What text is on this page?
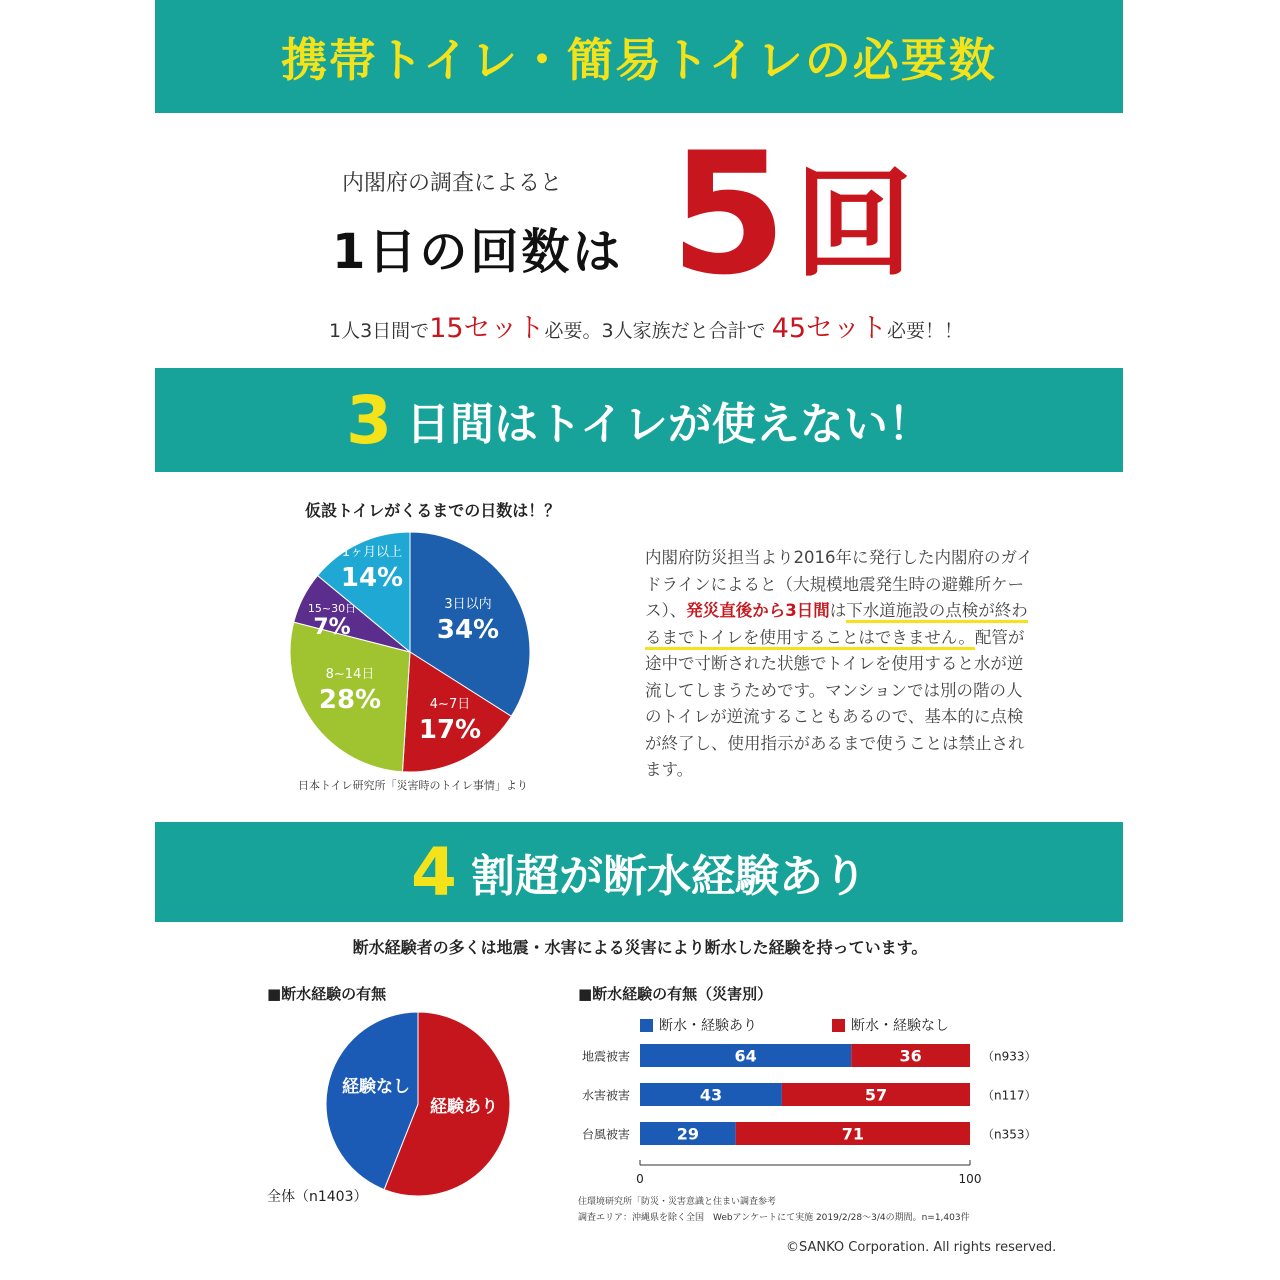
携帯トイレ・簡易トイレの必要数
内閣府の調査によると
1日の回数は 5 回
1人3日間で15セット必要。3人家族だと合計で 45セット必要！！
3 日間はトイレが使えない！
仮設トイレがくるまでの日数は！？
日本トイレ研究所「災害時のトイレ事情」より
内閣府防災担当より2016年に発行した内閣府のガイドラインによると（大規模地震発生時の避難所ケース）、発災直後から3日間は下水道施設の点検が終わるまでトイレを使用することはできません。配管が途中で寸断された状態でトイレを使用すると水が逆流してしまうためです。マンションでは別の階の人のトイレが逆流することもあるので、基本的に点検が終了し、使用指示があるまで使うことは禁止されます。
4 割超が断水経験あり
断水経験者の多くは地震・水害による災害により断水した経験を持っています。
■断水経験の有無
全体（n1403）
■断水経験の有無（災害別）
断水・経験あり	断水・経験なし
住環境研究所「防災・災害意識と住まい調査参考
調査エリア：沖縄県を除く全国　Webアンケートにて実施 2019/2/28～3/4の期間。n=1,403件
©SANKO Corporation. All rights reserved.
3日以内
34%
4~7日
17%
8~14日
28%
15~30日
7%
1ヶ月以上
14%
経験あり
経験なし
地震被害	64	36	（n933）
水害被害	43	57	（n117）
台風被害	29	71	（n353）
0	100
